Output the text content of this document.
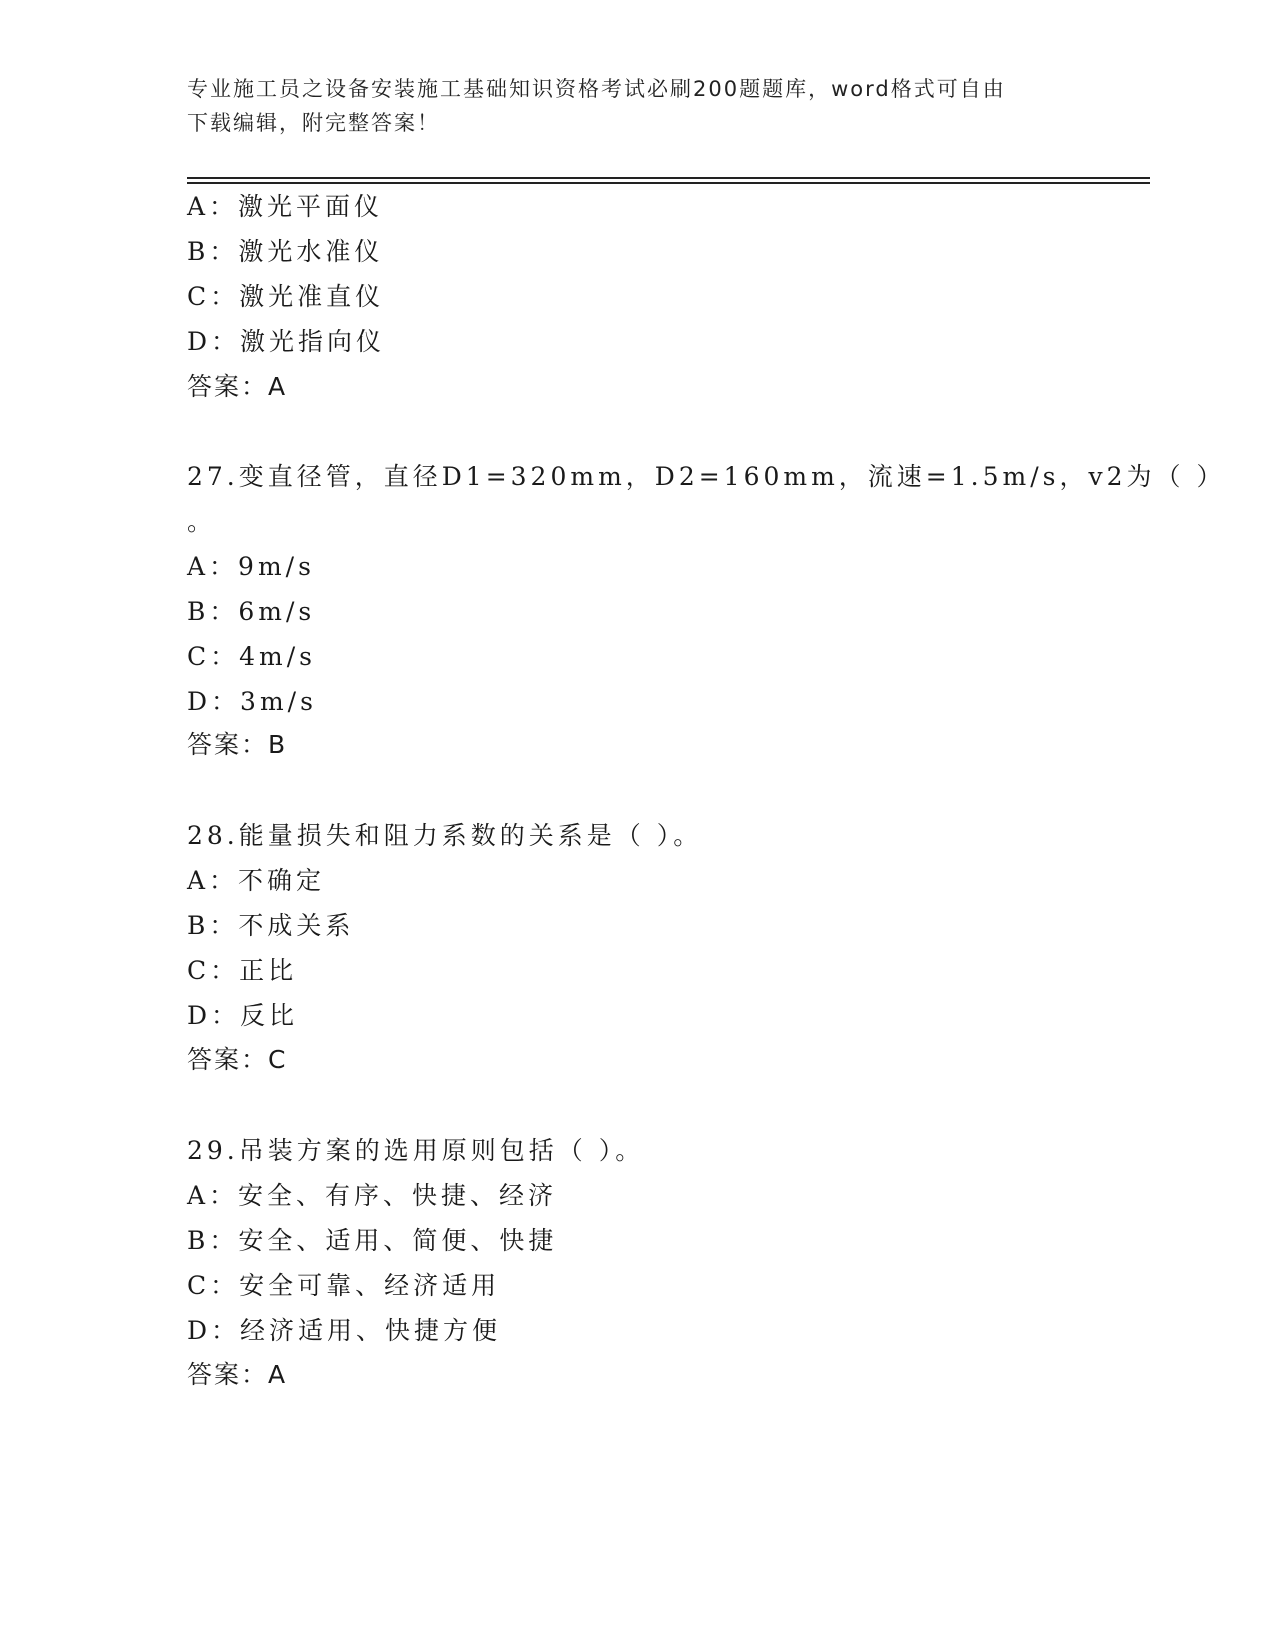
专业施工员之设备安装施工基础知识资格考试必刷200题题库，word格式可自由
下载编辑，附完整答案！
A：激光平面仪
B：激光水准仪
C：激光准直仪
D：激光指向仪
答案：A
27.变直径管，直径D1=320mm，D2=160mm，流速=1.5m/s，v2为（ ）
。
A：9m/s
B：6m/s
C：4m/s
D：3m/s
答案：B
28.能量损失和阻力系数的关系是（ ）。
A：不确定
B：不成关系
C：正比
D：反比
答案：C
29.吊装方案的选用原则包括（ ）。
A：安全、有序、快捷、经济
B：安全、适用、简便、快捷
C：安全可靠、经济适用
D：经济适用、快捷方便
答案：A
